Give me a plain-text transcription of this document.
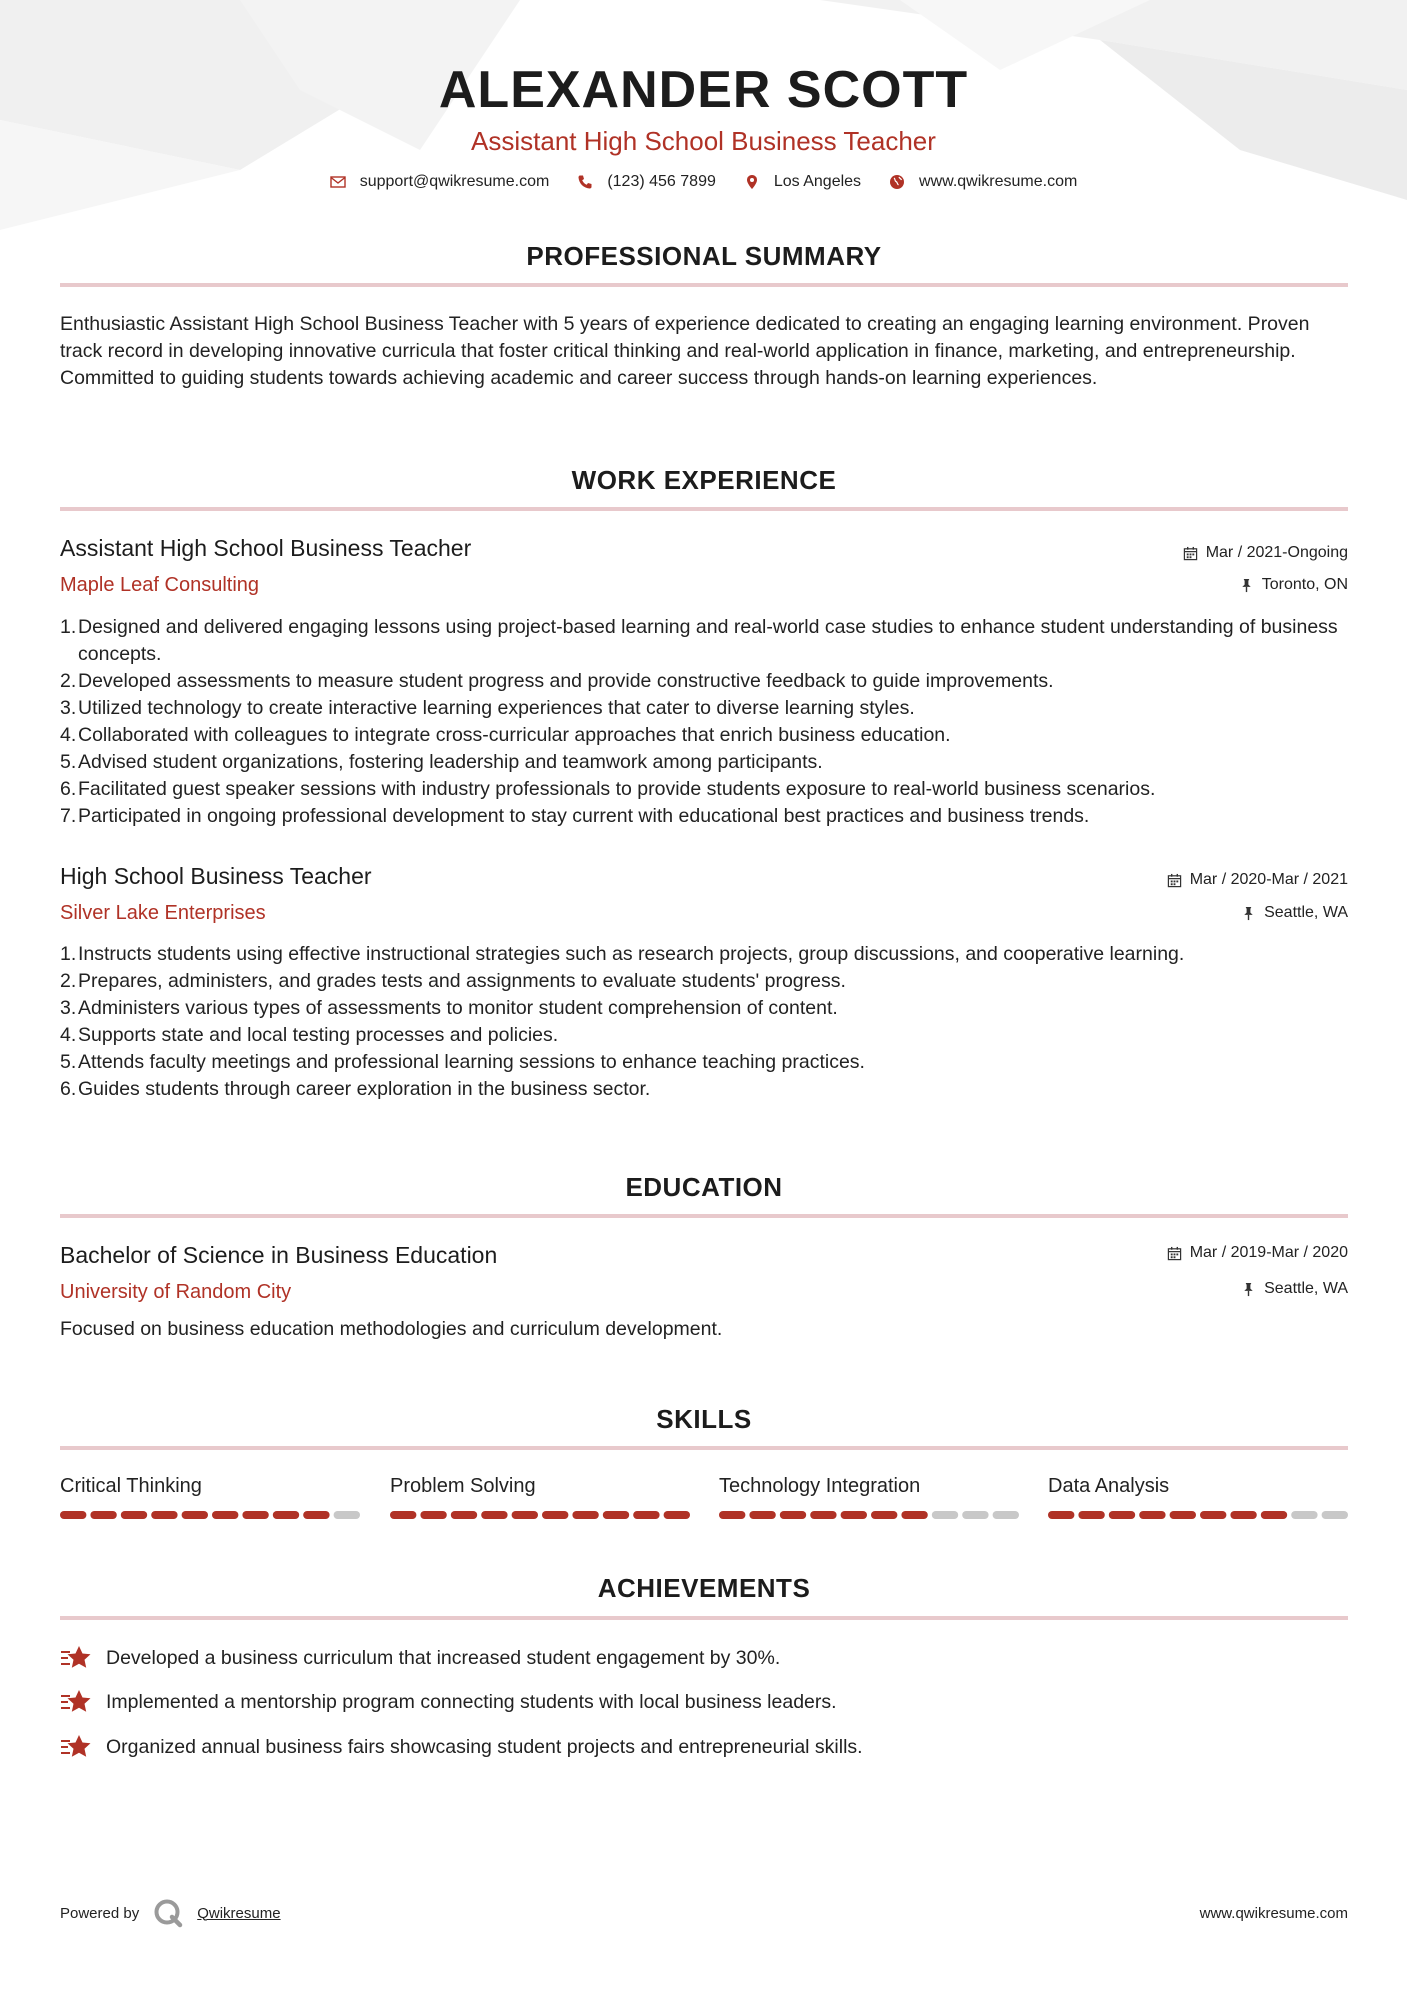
ALEXANDER SCOTT
Assistant High School Business Teacher
support@qwikresume.com	(123) 456 7899	Los Angeles	www.qwikresume.com
PROFESSIONAL SUMMARY
Enthusiastic Assistant High School Business Teacher with 5 years of experience dedicated to creating an engaging learning environment. Proven track record in developing innovative curricula that foster critical thinking and real-world application in finance, marketing, and entrepreneurship. Committed to guiding students towards achieving academic and career success through hands-on learning experiences.
WORK EXPERIENCE
Assistant High School Business Teacher
Maple Leaf Consulting
Mar / 2021-Ongoing
Toronto, ON
1. Designed and delivered engaging lessons using project-based learning and real-world case studies to enhance student understanding of business concepts.
2. Developed assessments to measure student progress and provide constructive feedback to guide improvements.
3. Utilized technology to create interactive learning experiences that cater to diverse learning styles.
4. Collaborated with colleagues to integrate cross-curricular approaches that enrich business education.
5. Advised student organizations, fostering leadership and teamwork among participants.
6. Facilitated guest speaker sessions with industry professionals to provide students exposure to real-world business scenarios.
7. Participated in ongoing professional development to stay current with educational best practices and business trends.
High School Business Teacher
Silver Lake Enterprises
Mar / 2020-Mar / 2021
Seattle, WA
1. Instructs students using effective instructional strategies such as research projects, group discussions, and cooperative learning.
2. Prepares, administers, and grades tests and assignments to evaluate students' progress.
3. Administers various types of assessments to monitor student comprehension of content.
4. Supports state and local testing processes and policies.
5. Attends faculty meetings and professional learning sessions to enhance teaching practices.
6. Guides students through career exploration in the business sector.
EDUCATION
Bachelor of Science in Business Education
University of Random City
Mar / 2019-Mar / 2020
Seattle, WA
Focused on business education methodologies and curriculum development.
SKILLS
Critical Thinking	Problem Solving	Technology Integration	Data Analysis
ACHIEVEMENTS
Developed a business curriculum that increased student engagement by 30%.
Implemented a mentorship program connecting students with local business leaders.
Organized annual business fairs showcasing student projects and entrepreneurial skills.
Powered by	Qwikresume	www.qwikresume.com
